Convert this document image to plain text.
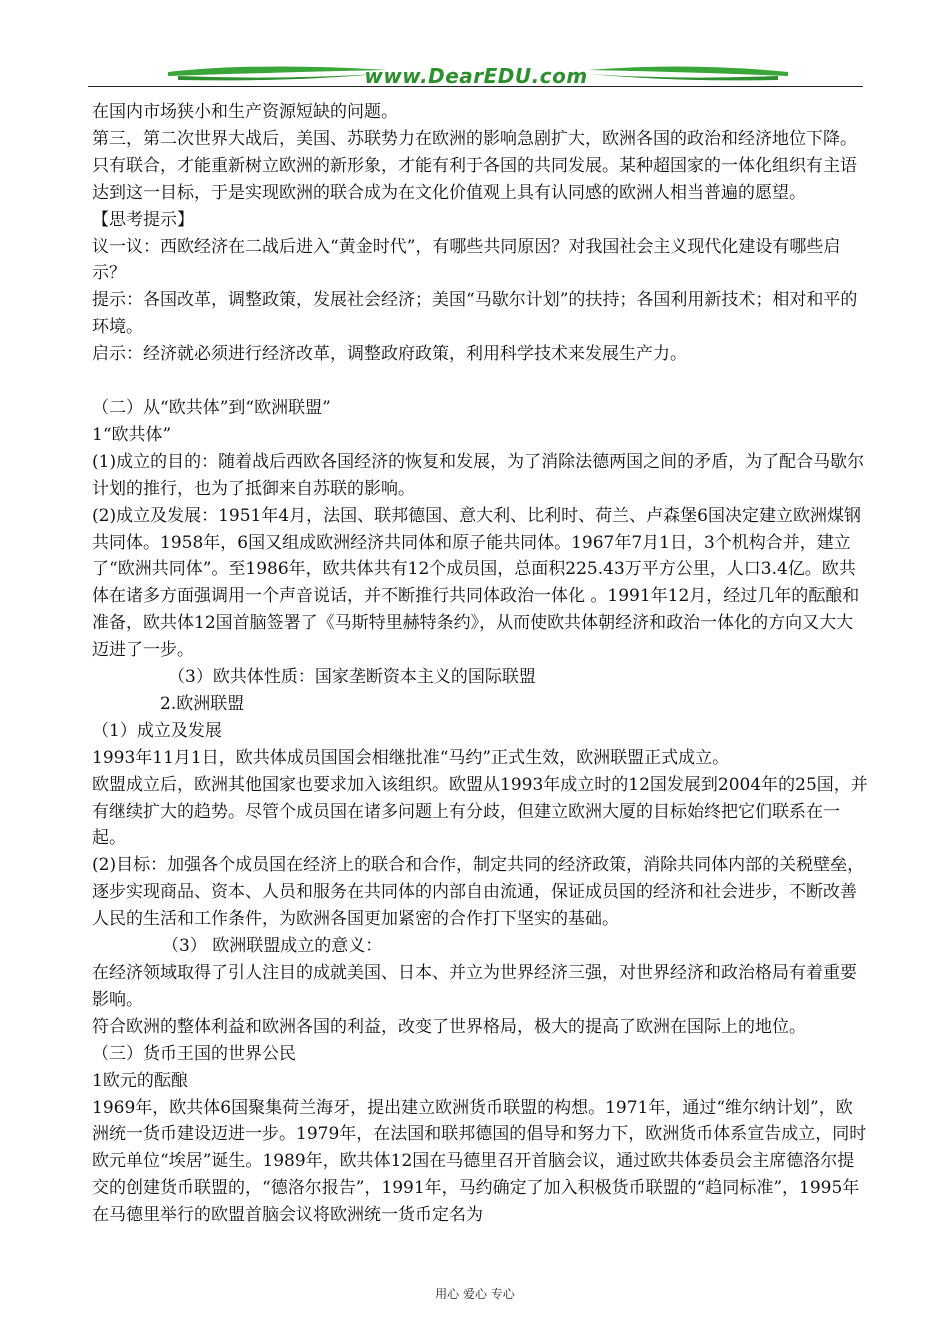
www.DearEDU.com

在国内市场狭小和生产资源短缺的问题。

第三，第二次世界大战后，美国、苏联势力在欧洲的影响急剧扩大，欧洲各国的政治和经济地位下降。只有联合，才能重新树立欧洲的新形象，才能有利于各国的共同发展。某种超国家的一体化组织有主语达到这一目标，于是实现欧洲的联合成为在文化价值观上具有认同感的欧洲人相当普遍的愿望。

【思考提示】

议一议：西欧经济在二战后进入“黄金时代”，有哪些共同原因？对我国社会主义现代化建设有哪些启示？

提示：各国改革，调整政策，发展社会经济；美国“马歇尔计划”的扶持；各国利用新技术；相对和平的环境。

启示：经济就必须进行经济改革，调整政府政策，利用科学技术来发展生产力。

（二）从“欧共体”到“欧洲联盟”

1“欧共体”

(1)成立的目的：随着战后西欧各国经济的恢复和发展，为了消除法德两国之间的矛盾，为了配合马歇尔计划的推行，也为了抵御来自苏联的影响。

(2)成立及发展：1951年4月，法国、联邦德国、意大利、比利时、荷兰、卢森堡6国决定建立欧洲煤钢共同体。1958年，6国又组成欧洲经济共同体和原子能共同体。1967年7月1日，3个机构合并，建立了“欧洲共同体”。至1986年，欧共体共有12个成员国，总面积225.43万平方公里，人口3.4亿。欧共体在诸多方面强调用一个声音说话，并不断推行共同体政治一体化 。1991年12月，经过几年的酝酿和准备，欧共体12国首脑签署了《马斯特里赫特条约》，从而使欧共体朝经济和政治一体化的方向又大大迈进了一步。

（3）欧共体性质：国家垄断资本主义的国际联盟

2.欧洲联盟

（1）成立及发展

1993年11月1日，欧共体成员国国会相继批准“马约”正式生效，欧洲联盟正式成立。

欧盟成立后，欧洲其他国家也要求加入该组织。欧盟从1993年成立时的12国发展到2004年的25国，并有继续扩大的趋势。尽管个成员国在诸多问题上有分歧，但建立欧洲大厦的目标始终把它们联系在一起。

(2)目标：加强各个成员国在经济上的联合和合作，制定共同的经济政策，消除共同体内部的关税壁垒，逐步实现商品、资本、人员和服务在共同体的内部自由流通，保证成员国的经济和社会进步，不断改善人民的生活和工作条件，为欧洲各国更加紧密的合作打下坚实的基础。

（3） 欧洲联盟成立的意义：

在经济领域取得了引人注目的成就美国、日本、并立为世界经济三强，对世界经济和政治格局有着重要影响。

符合欧洲的整体利益和欧洲各国的利益，改变了世界格局，极大的提高了欧洲在国际上的地位。

（三）货币王国的世界公民

1欧元的酝酿

1969年，欧共体6国聚集荷兰海牙，提出建立欧洲货币联盟的构想。1971年，通过“维尔纳计划”，欧洲统一货币建设迈进一步。1979年，在法国和联邦德国的倡导和努力下，欧洲货币体系宣告成立，同时欧元单位“埃居”诞生。1989年，欧共体12国在马德里召开首脑会议，通过欧共体委员会主席德洛尔提交的创建货币联盟的，“德洛尔报告”，1991年，马约确定了加入积极货币联盟的“趋同标准”，1995年在马德里举行的欧盟首脑会议将欧洲统一货币定名为

用心 爱心 专心
